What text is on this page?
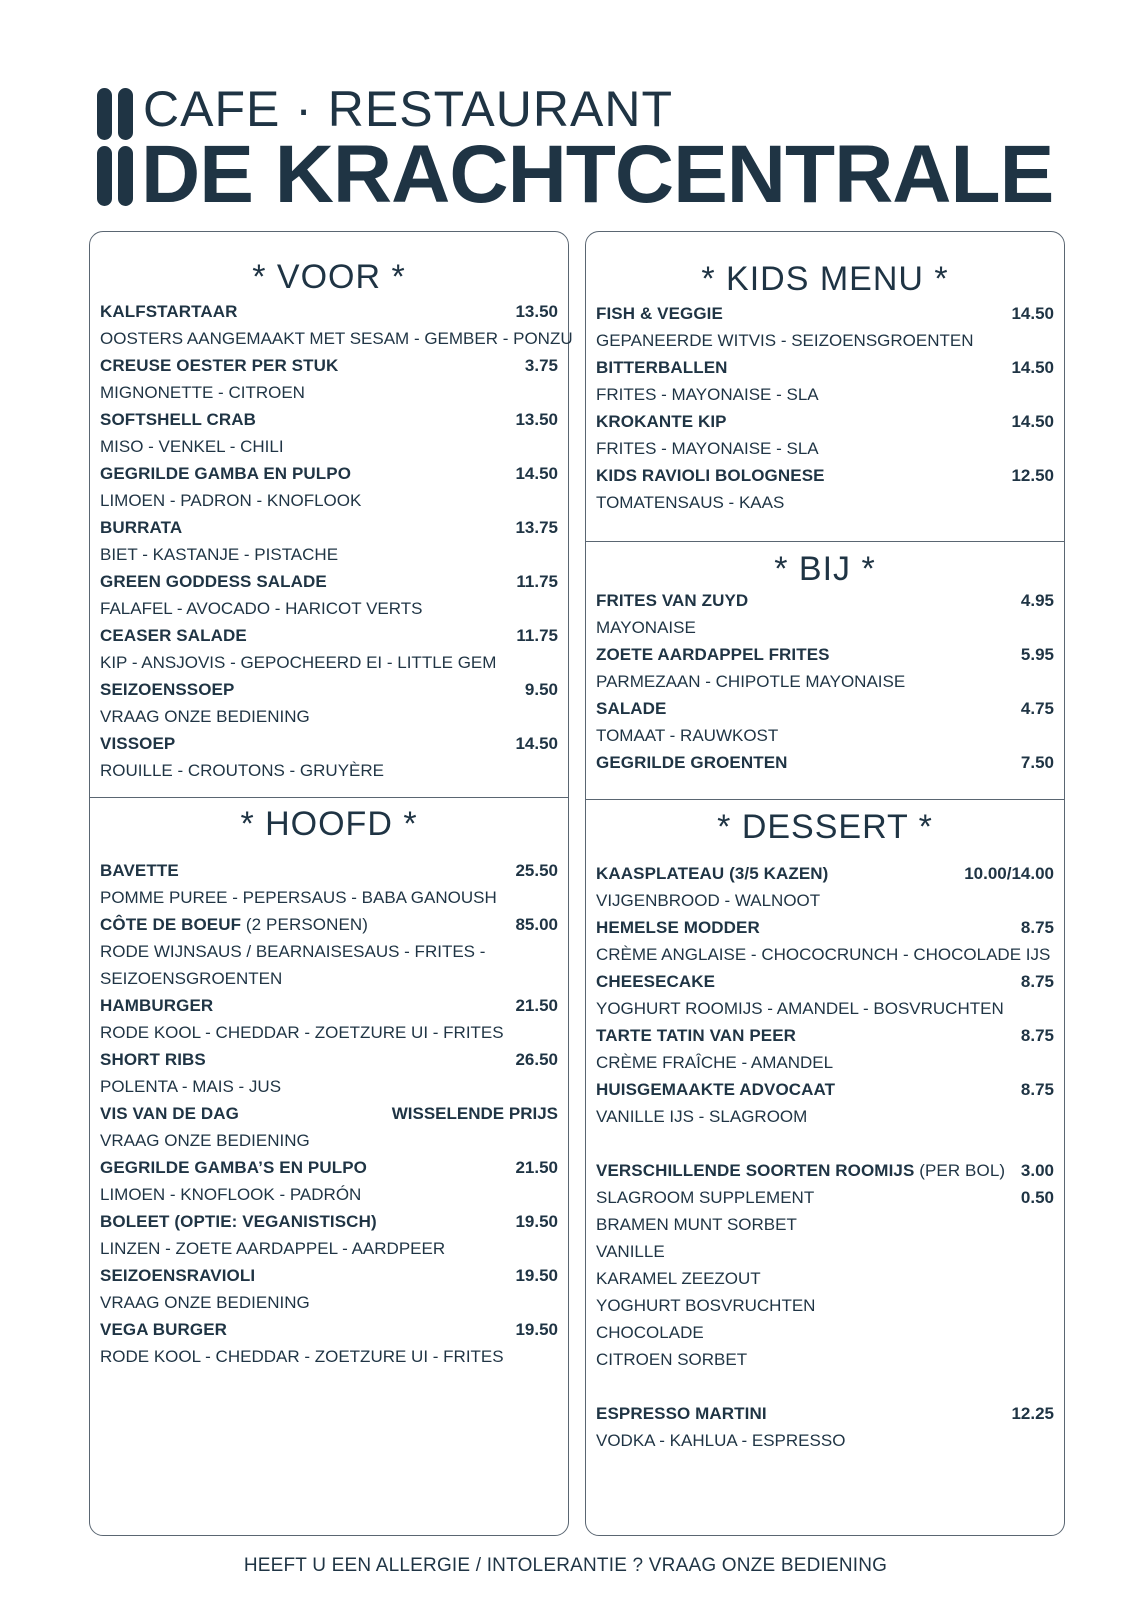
CAFE · RESTAURANT
DE KRACHTCENTRALE
* VOOR *
KALFSTARTAAR	13.50
OOSTERS AANGEMAAKT MET SESAM - GEMBER - PONZU
CREUSE OESTER PER STUK	3.75
MIGNONETTE - CITROEN
SOFTSHELL CRAB	13.50
MISO - VENKEL - CHILI
GEGRILDE GAMBA EN PULPO	14.50
LIMOEN - PADRON - KNOFLOOK
BURRATA	13.75
BIET - KASTANJE - PISTACHE
GREEN GODDESS SALADE	11.75
FALAFEL - AVOCADO - HARICOT VERTS
CEASER SALADE	11.75
KIP - ANSJOVIS - GEPOCHEERD EI - LITTLE GEM
SEIZOENSSOEP	9.50
VRAAG ONZE BEDIENING
VISSOEP	14.50
ROUILLE - CROUTONS - GRUYÈRE
* HOOFD *
BAVETTE	25.50
POMME PUREE - PEPERSAUS - BABA GANOUSH
CÔTE DE BOEUF (2 PERSONEN)	85.00
RODE WIJNSAUS / BEARNAISESAUS - FRITES -
SEIZOENSGROENTEN
HAMBURGER	21.50
RODE KOOL - CHEDDAR - ZOETZURE UI - FRITES
SHORT RIBS	26.50
POLENTA - MAIS - JUS
VIS VAN DE DAG	WISSELENDE PRIJS
VRAAG ONZE BEDIENING
GEGRILDE GAMBA’S EN PULPO	21.50
LIMOEN - KNOFLOOK - PADRÓN
BOLEET (OPTIE: VEGANISTISCH)	19.50
LINZEN - ZOETE AARDAPPEL - AARDPEER
SEIZOENSRAVIOLI	19.50
VRAAG ONZE BEDIENING
VEGA BURGER	19.50
RODE KOOL - CHEDDAR - ZOETZURE UI - FRITES
* KIDS MENU *
FISH & VEGGIE	14.50
GEPANEERDE WITVIS - SEIZOENSGROENTEN
BITTERBALLEN	14.50
FRITES - MAYONAISE - SLA
KROKANTE KIP	14.50
FRITES - MAYONAISE - SLA
KIDS RAVIOLI BOLOGNESE	12.50
TOMATENSAUS - KAAS
* BIJ *
FRITES VAN ZUYD	4.95
MAYONAISE
ZOETE AARDAPPEL FRITES	5.95
PARMEZAAN - CHIPOTLE MAYONAISE
SALADE	4.75
TOMAAT - RAUWKOST
GEGRILDE GROENTEN	7.50
* DESSERT *
KAASPLATEAU (3/5 KAZEN)	10.00/14.00
VIJGENBROOD - WALNOOT
HEMELSE MODDER	8.75
CRÈME ANGLAISE - CHOCOCRUNCH - CHOCOLADE IJS
CHEESECAKE	8.75
YOGHURT ROOMIJS - AMANDEL - BOSVRUCHTEN
TARTE TATIN VAN PEER	8.75
CRÈME FRAÎCHE - AMANDEL
HUISGEMAAKTE ADVOCAAT	8.75
VANILLE IJS - SLAGROOM
VERSCHILLENDE SOORTEN ROOMIJS (PER BOL) 3.00
SLAGROOM SUPPLEMENT	0.50
BRAMEN MUNT SORBET
VANILLE
KARAMEL ZEEZOUT
YOGHURT BOSVRUCHTEN
CHOCOLADE
CITROEN SORBET
ESPRESSO MARTINI	12.25
VODKA - KAHLUA - ESPRESSO
HEEFT U EEN ALLERGIE / INTOLERANTIE ? VRAAG ONZE BEDIENING
